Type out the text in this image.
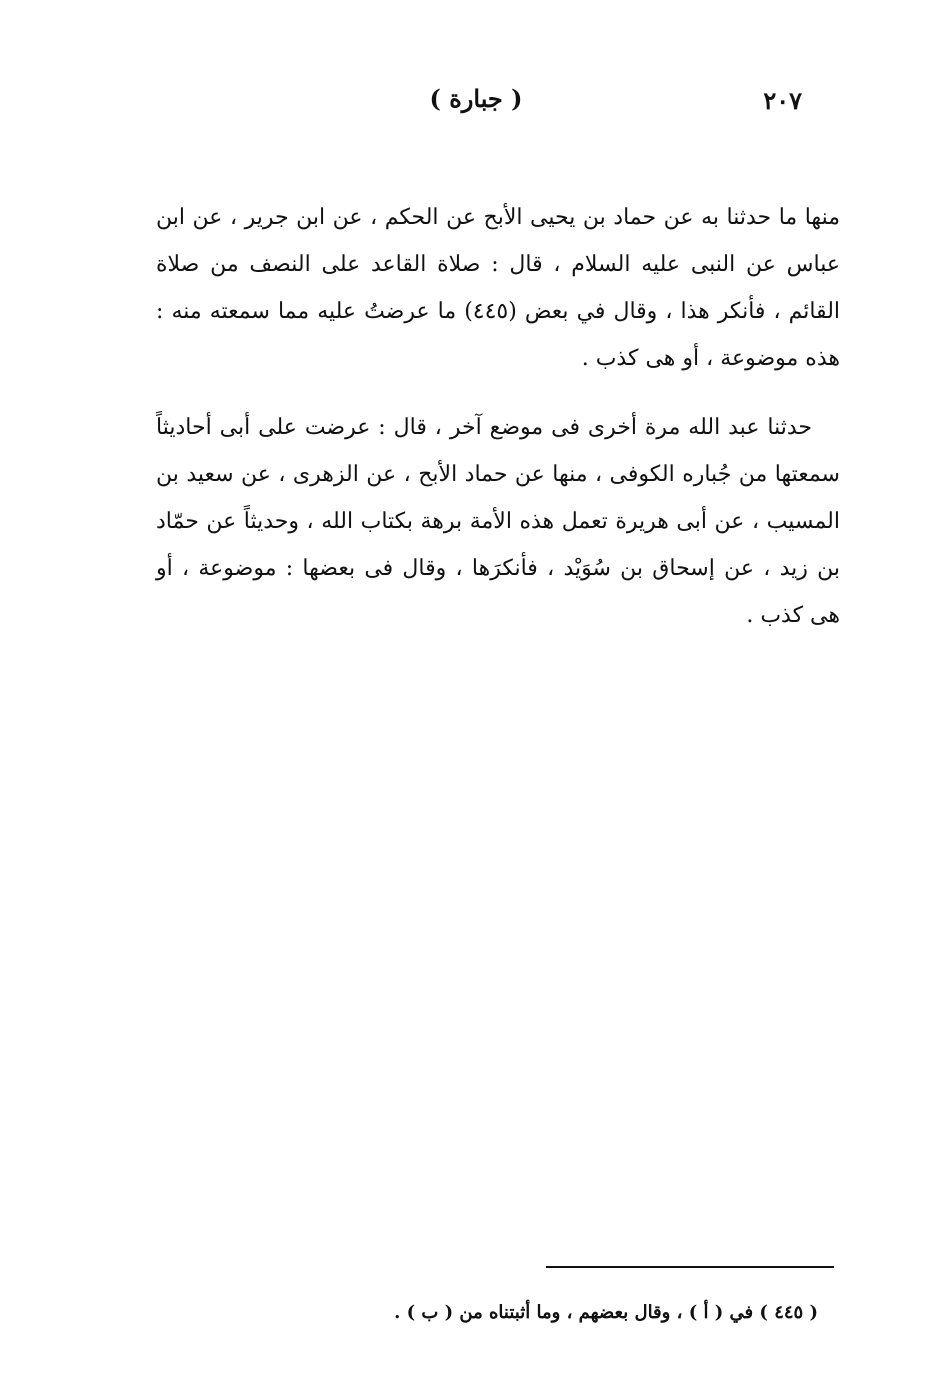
٢٠٧
( جبارة )

منها ما حدثنا به عن حماد بن يحيى الأبح عن الحكم ، عن ابن جرير ، عن ابن عباس عن النبى عليه السلام ، قال : صلاة القاعد على النصف من صلاة القائم ، فأنكر هذا ، وقال في بعض (٤٤٥) ما عرضتُ عليه مما سمعته منه : هذه موضوعة ، أو هى كذب .

حدثنا عبد الله مرة أخرى فى موضع آخر ، قال : عرضت على أبى أحاديثاً سمعتها من جُباره الكوفى ، منها عن حماد الأبح ، عن الزهرى ، عن سعيد بن المسيب ، عن أبى هريرة تعمل هذه الأمة برهة بكتاب الله ، وحديثاً عن حمّاد بن زيد ، عن إسحاق بن سُوَيْد ، فأنكرَها ، وقال فى بعضها : موضوعة ، أو هى كذب .

( ٤٤٥ ) في ( أ ) ، وقال بعضهم ، وما أثبتناه من ( ب ) .
